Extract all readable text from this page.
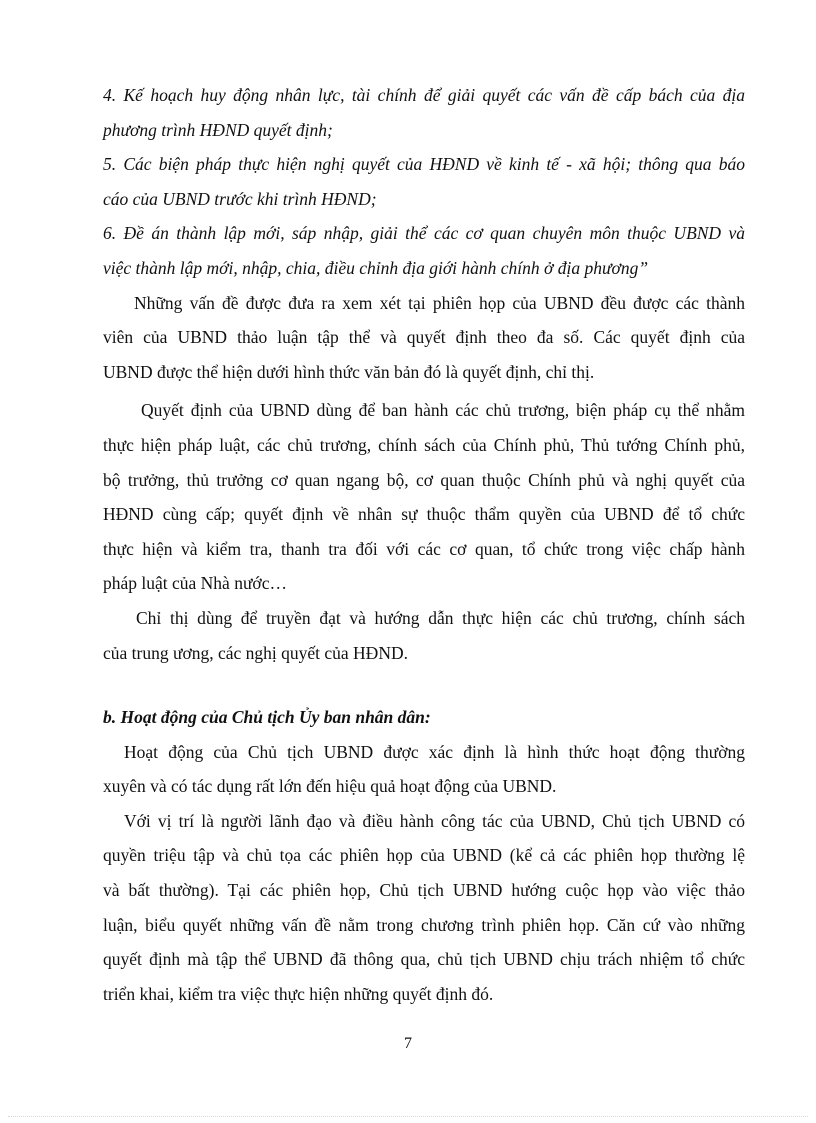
4. Kế hoạch huy động nhân lực, tài chính để giải quyết các vấn đề cấp bách của địa
phương trình HĐND quyết định;
5. Các biện pháp thực hiện nghị quyết của HĐND về kinh tế - xã hội; thông qua báo
cáo của UBND trước khi trình HĐND;
6. Đề án thành lập mới, sáp nhập, giải thể các cơ quan chuyên môn thuộc UBND và
việc thành lập mới, nhập, chia, điều chỉnh địa giới hành chính ở địa phương”
Những vấn đề được đưa ra xem xét tại phiên họp của UBND đều được các thành
viên của UBND thảo luận tập thể và quyết định theo đa số. Các quyết định của
UBND được thể hiện dưới hình thức văn bản đó là quyết định, chỉ thị.
Quyết định của UBND dùng để ban hành các chủ trương, biện pháp cụ thể nhằm
thực hiện pháp luật, các chủ trương, chính sách của Chính phủ, Thủ tướng Chính phủ,
bộ trưởng, thủ trưởng cơ quan ngang bộ, cơ quan thuộc Chính phủ và nghị quyết của
HĐND cùng cấp; quyết định về nhân sự thuộc thẩm quyền của UBND để tổ chức
thực hiện và kiểm tra, thanh tra đối với các cơ quan, tổ chức trong việc chấp hành
pháp luật của Nhà nước…
Chỉ thị dùng để truyền đạt và hướng dẫn thực hiện các chủ trương, chính sách
của trung ương, các nghị quyết của HĐND.
b. Hoạt động của Chủ tịch Ủy ban nhân dân:
Hoạt động của Chủ tịch UBND được xác định là hình thức hoạt động thường
xuyên và có tác dụng rất lớn đến hiệu quả hoạt động của UBND.
Với vị trí là người lãnh đạo và điều hành công tác của UBND, Chủ tịch UBND có
quyền triệu tập và chủ tọa các phiên họp của UBND (kể cả các phiên họp thường lệ
và bất thường). Tại các phiên họp, Chủ tịch UBND hướng cuộc họp vào việc thảo
luận, biểu quyết những vấn đề nằm trong chương trình phiên họp. Căn cứ vào những
quyết định mà tập thể UBND đã thông qua, chủ tịch UBND chịu trách nhiệm tổ chức
triển khai, kiểm tra việc thực hiện những quyết định đó.
7
